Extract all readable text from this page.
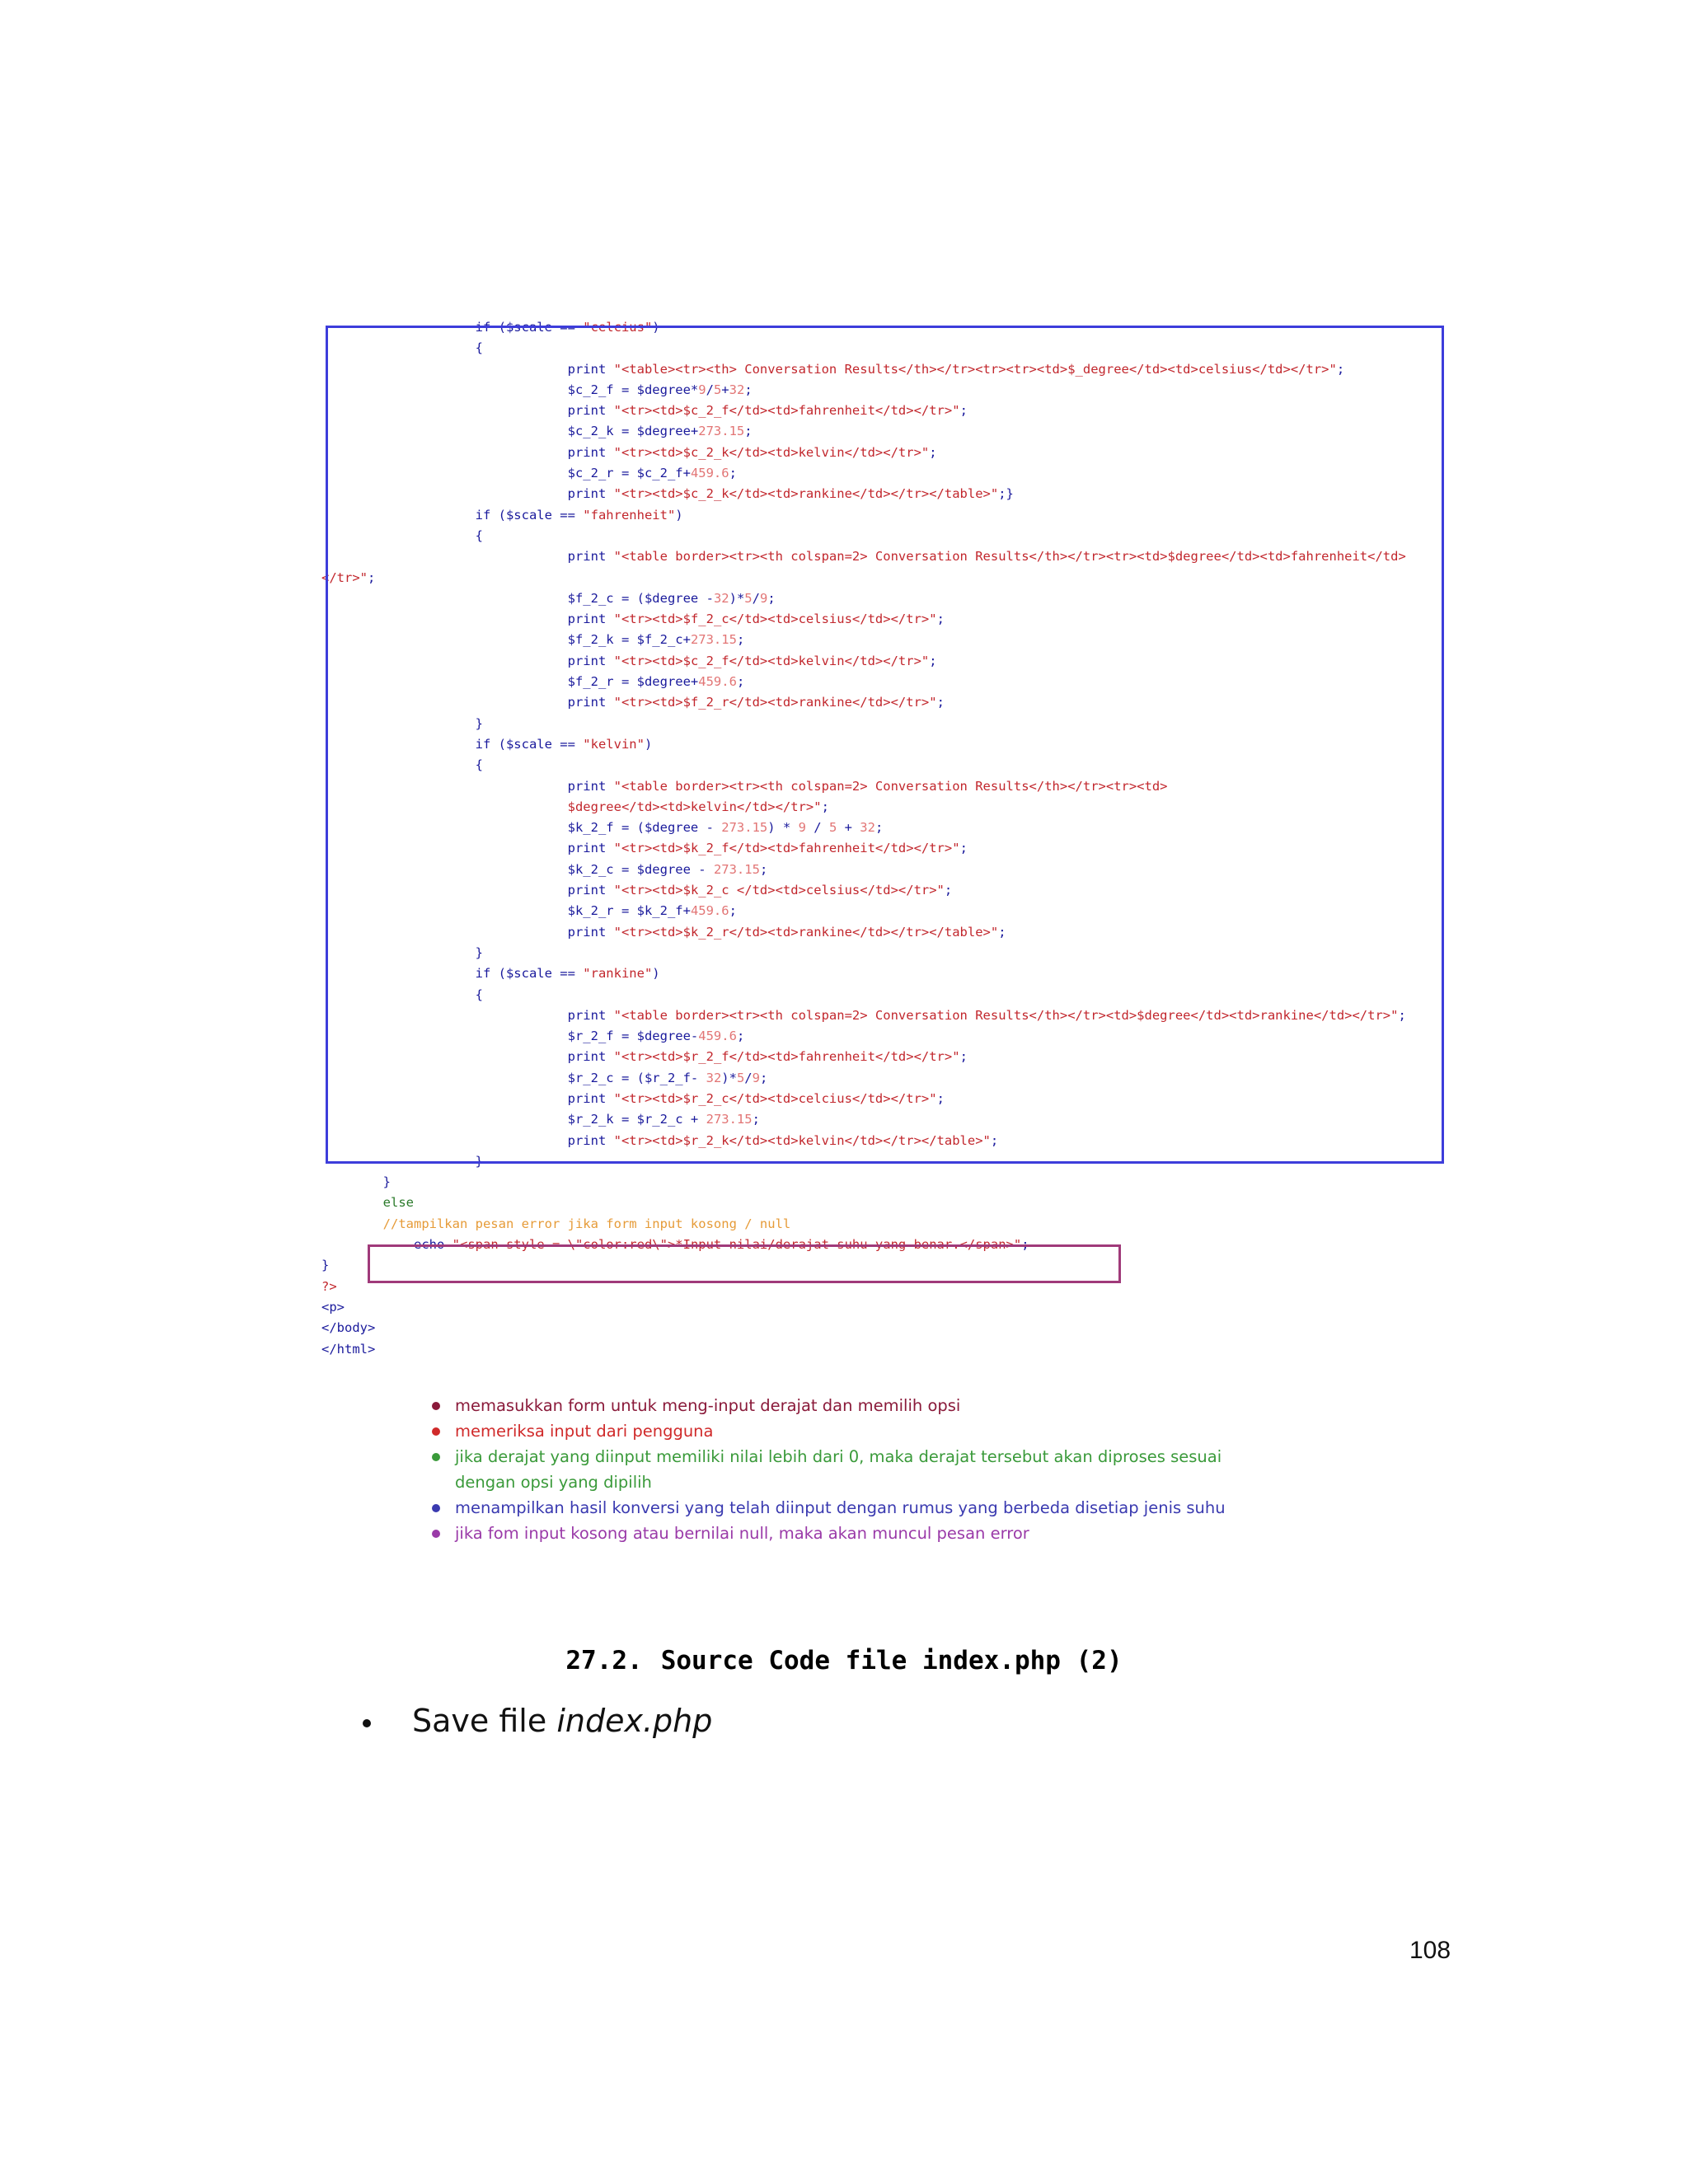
if ($scale == "celcius")
{
print "<table><tr><th> Conversation Results</th></tr><tr><tr><td>$_degree</td><td>celsius</td></tr>";
$c_2_f = $degree*9/5+32;
print "<tr><td>$c_2_f</td><td>fahrenheit</td></tr>";
$c_2_k = $degree+273.15;
print "<tr><td>$c_2_k</td><td>kelvin</td></tr>";
$c_2_r = $c_2_f+459.6;
print "<tr><td>$c_2_k</td><td>rankine</td></tr></table>";}
if ($scale == "fahrenheit")
{
print "<table border><tr><th colspan=2> Conversation Results</th></tr><tr><td>$degree</td><td>fahrenheit</td>
</tr>";
$f_2_c = ($degree -32)*5/9;
print "<tr><td>$f_2_c</td><td>celsius</td></tr>";
$f_2_k = $f_2_c+273.15;
print "<tr><td>$c_2_f</td><td>kelvin</td></tr>";
$f_2_r = $degree+459.6;
print "<tr><td>$f_2_r</td><td>rankine</td></tr>";
}
if ($scale == "kelvin")
{
print "<table border><tr><th colspan=2> Conversation Results</th></tr><tr><td>
$degree</td><td>kelvin</td></tr>";
$k_2_f = ($degree - 273.15) * 9 / 5 + 32;
print "<tr><td>$k_2_f</td><td>fahrenheit</td></tr>";
$k_2_c = $degree - 273.15;
print "<tr><td>$k_2_c </td><td>celsius</td></tr>";
$k_2_r = $k_2_f+459.6;
print "<tr><td>$k_2_r</td><td>rankine</td></tr></table>";
}
if ($scale == "rankine")
{
print "<table border><tr><th colspan=2> Conversation Results</th></tr><td>$degree</td><td>rankine</td></tr>";
$r_2_f = $degree-459.6;
print "<tr><td>$r_2_f</td><td>fahrenheit</td></tr>";
$r_2_c = ($r_2_f- 32)*5/9;
print "<tr><td>$r_2_c</td><td>celcius</td></tr>";
$r_2_k = $r_2_c + 273.15;
print "<tr><td>$r_2_k</td><td>kelvin</td></tr></table>";
}
}
else
//tampilkan pesan error jika form input kosong / null
echo "<span style = \"color:red\">*Input nilai/derajat suhu yang benar.</span>";
}
?>
<p>
</body>
</html>
memasukkan form untuk meng-input derajat dan memilih opsi
memeriksa input dari pengguna
jika derajat yang diinput memiliki nilai lebih dari 0, maka derajat tersebut akan diproses sesuai dengan opsi yang dipilih
menampilkan hasil konversi yang telah diinput dengan rumus yang berbeda disetiap jenis suhu
jika fom input kosong atau bernilai null, maka akan muncul pesan error
27.2. Source Code file index.php (2)
Save file index.php
108
